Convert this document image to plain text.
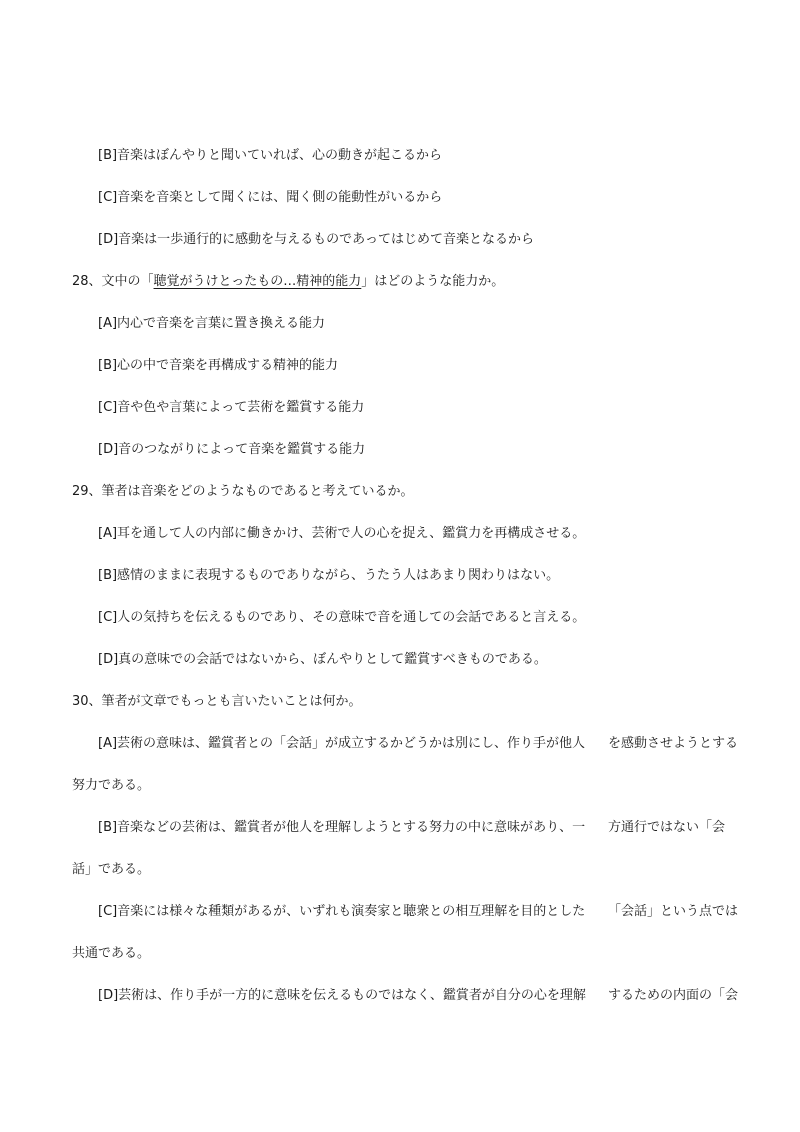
[B]音楽はぼんやりと聞いていれば、心の動きが起こるから
[C]音楽を音楽として聞くには、聞く側の能動性がいるから
[D]音楽は一歩通行的に感動を与えるものであってはじめて音楽となるから
28、文中の「聴覚がうけとったもの…精神的能力」はどのような能力か。
[A]内心で音楽を言葉に置き換える能力
[B]心の中で音楽を再構成する精神的能力
[C]音や色や言葉によって芸術を鑑賞する能力
[D]音のつながりによって音楽を鑑賞する能力
29、筆者は音楽をどのようなものであると考えているか。
[A]耳を通して人の内部に働きかけ、芸術で人の心を捉え、鑑賞力を再構成させる。
[B]感情のままに表現するものでありながら、うたう人はあまり関わりはない。
[C]人の気持ちを伝えるものであり、その意味で音を通しての会話であると言える。
[D]真の意味での会話ではないから、ぼんやりとして鑑賞すべきものである。
30、筆者が文章でもっとも言いたいことは何か。
[A]芸術の意味は、鑑賞者との「会話」が成立するかどうかは別にし、作り手が他人 を感動させようとする
努力である。
[B]音楽などの芸術は、鑑賞者が他人を理解しようとする努力の中に意味があり、一 方通行ではない「会
話」である。
[C]音楽には様々な種類があるが、いずれも演奏家と聴衆との相互理解を目的とした 「会話」という点では
共通である。
[D]芸術は、作り手が一方的に意味を伝えるものではなく、鑑賞者が自分の心を理解 するための内面の「会
